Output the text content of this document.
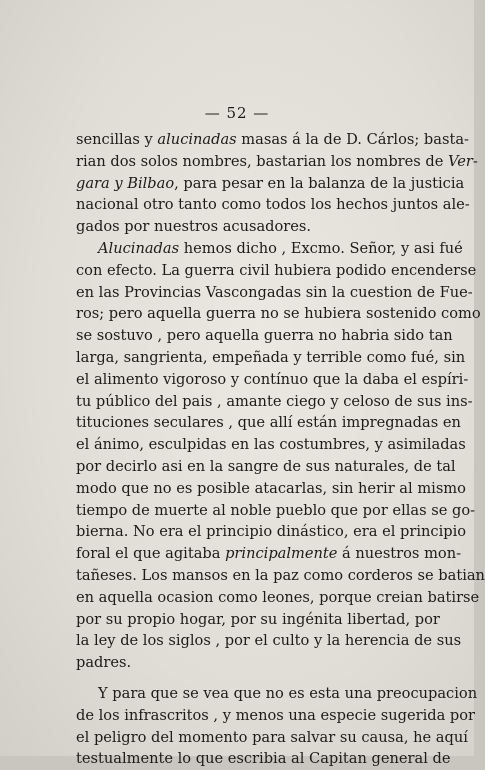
— 52 —
sencillas y alucinadas masas á la de D. Cárlos; basta-
rian dos solos nombres, bastarian los nombres de Ver-
gara y Bilbao, para pesar en la balanza de la justicia
nacional otro tanto como todos los hechos juntos ale-
gados por nuestros acusadores.
Alucinadas hemos dicho , Excmo. Señor, y asi fué
con efecto. La guerra civil hubiera podido encenderse
en las Provincias Vascongadas sin la cuestion de Fue-
ros; pero aquella guerra no se hubiera sostenido como
se sostuvo , pero aquella guerra no habria sido tan
larga, sangrienta, empeñada y terrible como fué, sin
el alimento vigoroso y contínuo que la daba el espíri-
tu público del pais , amante ciego y celoso de sus ins-
tituciones seculares , que allí están impregnadas en
el ánimo, esculpidas en las costumbres, y asimiladas
por decirlo asi en la sangre de sus naturales, de tal
modo que no es posible atacarlas, sin herir al mismo
tiempo de muerte al noble pueblo que por ellas se go-
bierna. No era el principio dinástico, era el principio
foral el que agitaba principalmente á nuestros mon-
tañeses. Los mansos en la paz como corderos se batian
en aquella ocasion como leones, porque creian batirse
por su propio hogar, por su ingénita libertad, por
la ley de los siglos , por el culto y la herencia de sus
padres.
Y para que se vea que no es esta una preocupacion
de los infrascritos , y menos una especie sugerida por
el peligro del momento para salvar su causa, he aquí
testualmente lo que escribia al Capitan general de
